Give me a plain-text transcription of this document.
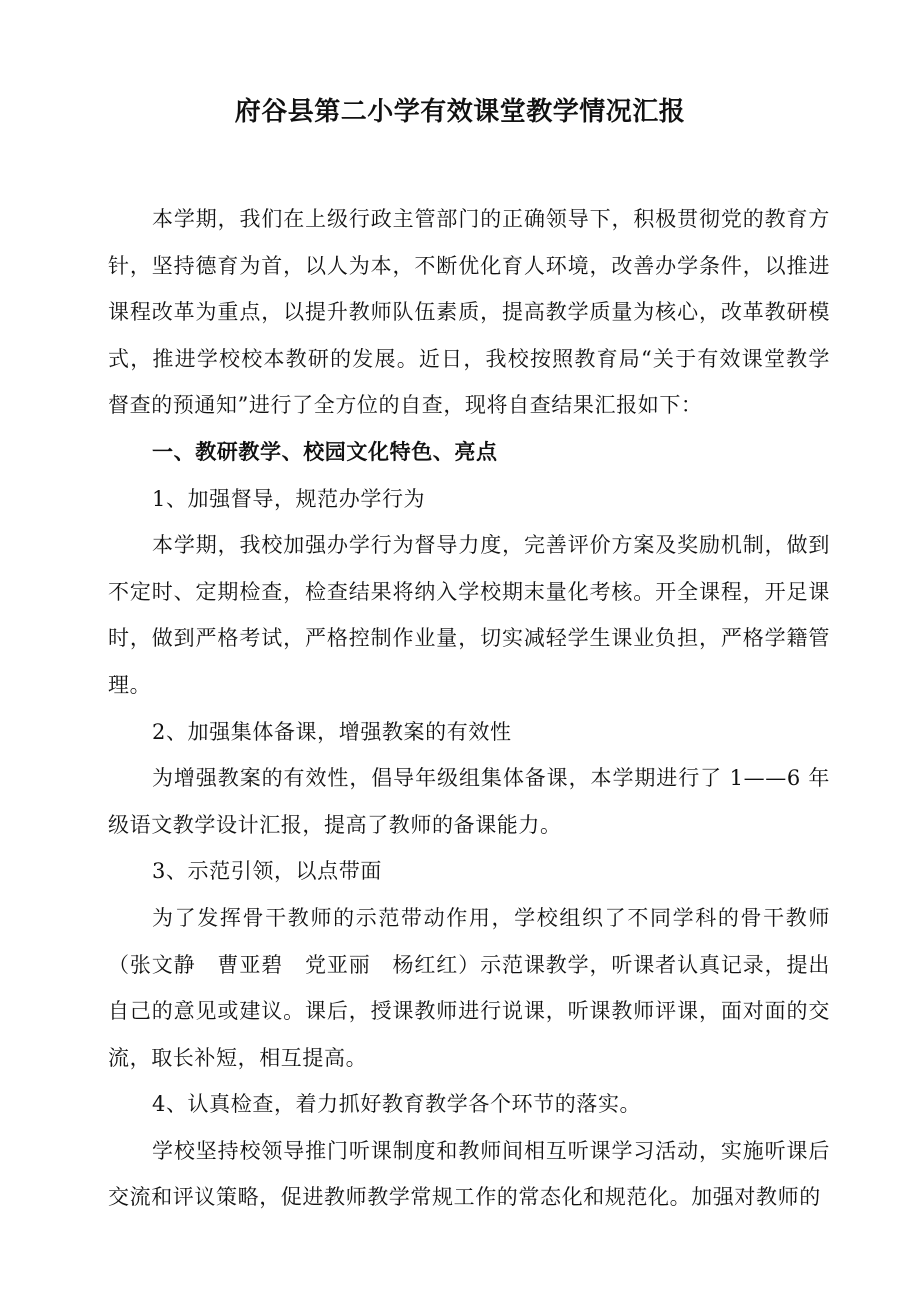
府谷县第二小学有效课堂教学情况汇报

本学期，我们在上级行政主管部门的正确领导下，积极贯彻党的教育方针，坚持德育为首，以人为本，不断优化育人环境，改善办学条件，以推进课程改革为重点，以提升教师队伍素质，提高教学质量为核心，改革教研模式，推进学校校本教研的发展。近日，我校按照教育局“关于有效课堂教学督查的预通知”进行了全方位的自查，现将自查结果汇报如下：

一、教研教学、校园文化特色、亮点

1、加强督导，规范办学行为

本学期，我校加强办学行为督导力度，完善评价方案及奖励机制，做到不定时、定期检查，检查结果将纳入学校期末量化考核。开全课程，开足课时，做到严格考试，严格控制作业量，切实减轻学生课业负担，严格学籍管理。

2、加强集体备课，增强教案的有效性

为增强教案的有效性，倡导年级组集体备课，本学期进行了 1——6 年级语文教学设计汇报，提高了教师的备课能力。

3、示范引领，以点带面

为了发挥骨干教师的示范带动作用，学校组织了不同学科的骨干教师（张文静　曹亚碧　党亚丽　杨红红）示范课教学，听课者认真记录，提出自己的意见或建议。课后，授课教师进行说课，听课教师评课，面对面的交流，取长补短，相互提高。

4、认真检查，着力抓好教育教学各个环节的落实。

学校坚持校领导推门听课制度和教师间相互听课学习活动，实施听课后交流和评议策略，促进教师教学常规工作的常态化和规范化。加强对教师的
